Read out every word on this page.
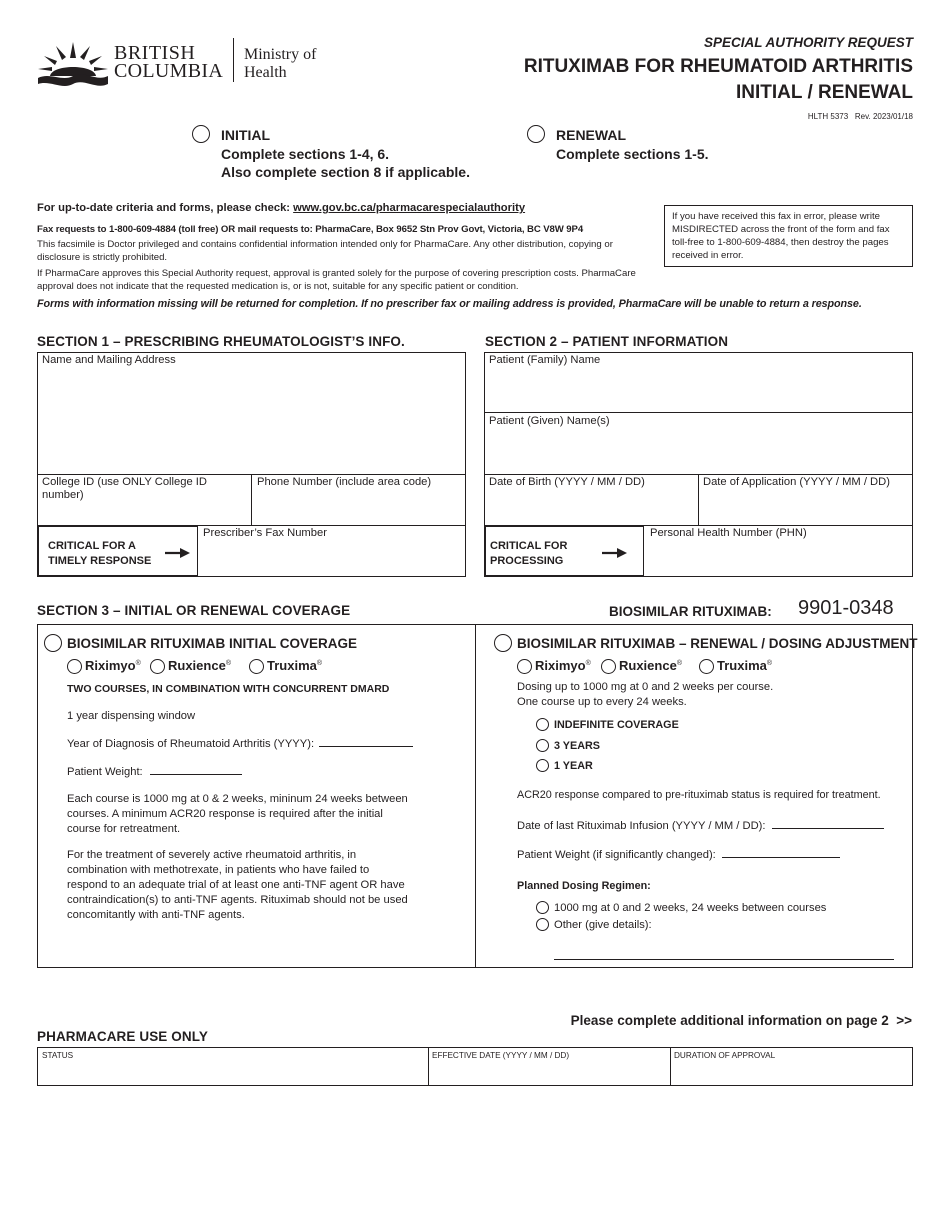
BRITISH
COLUMBIA
Ministry of
Health
SPECIAL AUTHORITY REQUEST
RITUXIMAB FOR RHEUMATOID ARTHRITIS
INITIAL / RENEWAL
HLTH 5373   Rev. 2023/01/18
INITIAL
Complete sections 1-4, 6.
Also complete section 8 if applicable.
RENEWAL
Complete sections 1-5.
For up-to-date criteria and forms, please check: www.gov.bc.ca/pharmacarespecialauthority
Fax requests to 1-800-609-4884 (toll free) OR mail requests to: PharmaCare, Box 9652 Stn Prov Govt, Victoria, BC V8W 9P4
This facsimile is Doctor privileged and contains confidential information intended only for PharmaCare. Any other distribution, copying or disclosure is strictly prohibited.
If PharmaCare approves this Special Authority request, approval is granted solely for the purpose of covering prescription costs. PharmaCare approval does not indicate that the requested medication is, or is not, suitable for any specific patient or condition.
Forms with information missing will be returned for completion. If no prescriber fax or mailing address is provided, PharmaCare will be unable to return a response.
If you have received this fax in error, please write MISDIRECTED across the front of the form and fax toll-free to 1-800-609-4884, then destroy the pages received in error.
SECTION 1 – PRESCRIBING RHEUMATOLOGIST’S INFO.
Name and Mailing Address
College ID (use ONLY College ID number)
Phone Number (include area code)
CRITICAL FOR A
TIMELY RESPONSE
Prescriber’s Fax Number
SECTION 2 – PATIENT INFORMATION
Patient (Family) Name
Patient (Given) Name(s)
Date of Birth (YYYY / MM / DD)	Date of Application (YYYY / MM / DD)
CRITICAL FOR
PROCESSING
Personal Health Number (PHN)
SECTION 3 – INITIAL OR RENEWAL COVERAGE	BIOSIMILAR RITUXIMAB: 9901-0348
BIOSIMILAR RITUXIMAB INITIAL COVERAGE
Riximyo® Ruxience®	Truxima®
TWO COURSES, IN COMBINATION WITH CONCURRENT DMARD
1 year dispensing window
Year of Diagnosis of Rheumatoid Arthritis (YYYY):
Patient Weight:
Each course is 1000 mg at 0 & 2 weeks, mininum 24 weeks between courses. A minimum ACR20 response is required after the initial course for retreatment.
For the treatment of severely active rheumatoid arthritis, in combination with methotrexate, in patients who have failed to respond to an adequate trial of at least one anti-TNF agent OR have contraindication(s) to anti-TNF agents. Rituximab should not be used concomitantly with anti-TNF agents.
BIOSIMILAR RITUXIMAB – RENEWAL / DOSING ADJUSTMENT
Riximyo® Ruxience®	Truxima®
Dosing up to 1000 mg at 0 and 2 weeks per course.
One course up to every 24 weeks.
INDEFINITE COVERAGE
3 YEARS
1 YEAR
ACR20 response compared to pre-rituximab status is required for treatment.
Date of last Rituximab Infusion (YYYY / MM / DD):
Patient Weight (if significantly changed):
Planned Dosing Regimen:
1000 mg at 0 and 2 weeks, 24 weeks between courses
Other (give details):
Please complete additional information on page 2  >>
PHARMACARE USE ONLY
STATUS	EFFECTIVE DATE (YYYY / MM / DD)	DURATION OF APPROVAL
